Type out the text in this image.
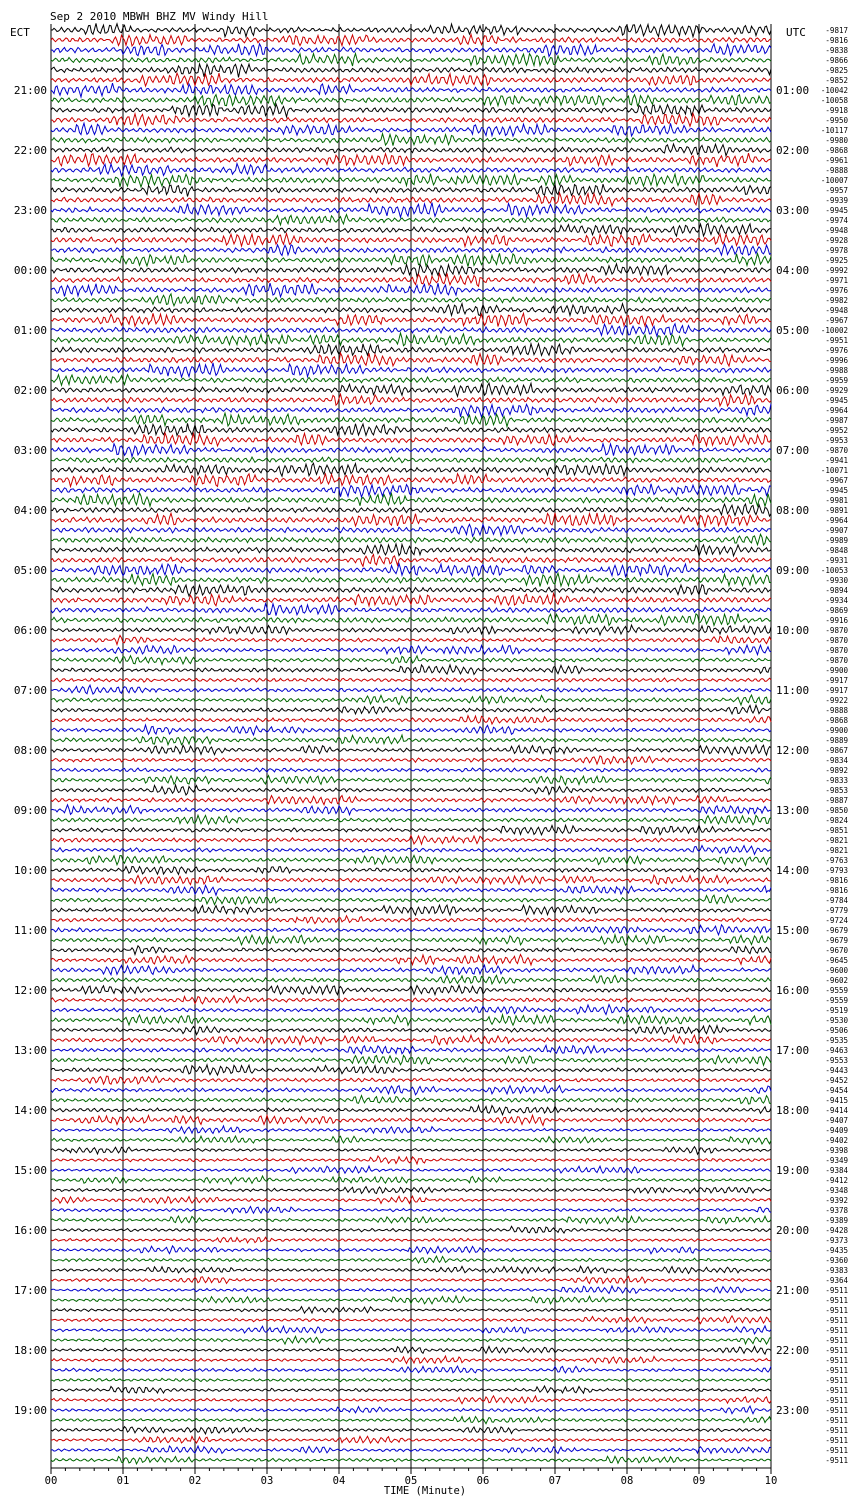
Sep 2 2010 MBWH BHZ MV Windy Hill
ECT	UTC
21:00
22:00
23:00
00:00
01:00
02:00
03:00
04:00
05:00
06:00
07:00
08:00
09:00
10:00
11:00
12:00
13:00
14:00
15:00
16:00
17:00
18:00
19:00
01:00
02:00
03:00
04:00
05:00
06:00
07:00
08:00
09:00
10:00
11:00
12:00
13:00
14:00
15:00
16:00
17:00
18:00
19:00
20:00
21:00
22:00
23:00
-9817
-9816
-9838
-9866
-9825
-9852
-10042
-10058
-9918
-9950
-10117
-9980
-9868
-9961
-9888
-10007
-9957
-9939
-9945
-9974
-9948
-9928
-9978
-9925
-9992
-9971
-9976
-9982
-9948
-9967
-10002
-9951
-9976
-9996
-9988
-9959
-9929
-9945
-9964
-9987
-9952
-9953
-9870
-9941
-10071
-9967
-9945
-9981
-9891
-9964
-9907
-9989
-9848
-9931
-10053
-9930
-9894
-9934
-9869
-9916
-9870
-9870
-9870
-9870
-9900
-9917
-9917
-9922
-9888
-9868
-9900
-9889
-9867
-9834
-9892
-9833
-9853
-9887
-9850
-9824
-9851
-9821
-9821
-9763
-9793
-9816
-9816
-9784
-9779
-9724
-9679
-9679
-9670
-9645
-9600
-9602
-9559
-9559
-9519
-9530
-9506
-9535
-9463
-9553
-9443
-9452
-9454
-9415
-9414
-9407
-9409
-9402
-9398
-9349
-9384
-9412
-9348
-9392
-9378
-9389
-9428
-9373
-9435
-9360
-9383
-9364
-9511
-9511
-9511
-9511
-9511
-9511
-9511
-9511
-9511
-9511
-9511
-9511
-9511
-9511
-9511
-9511
-9511
-9511
00	01	02	03	04	05	06	07	08	09	10
TIME (Minute)
